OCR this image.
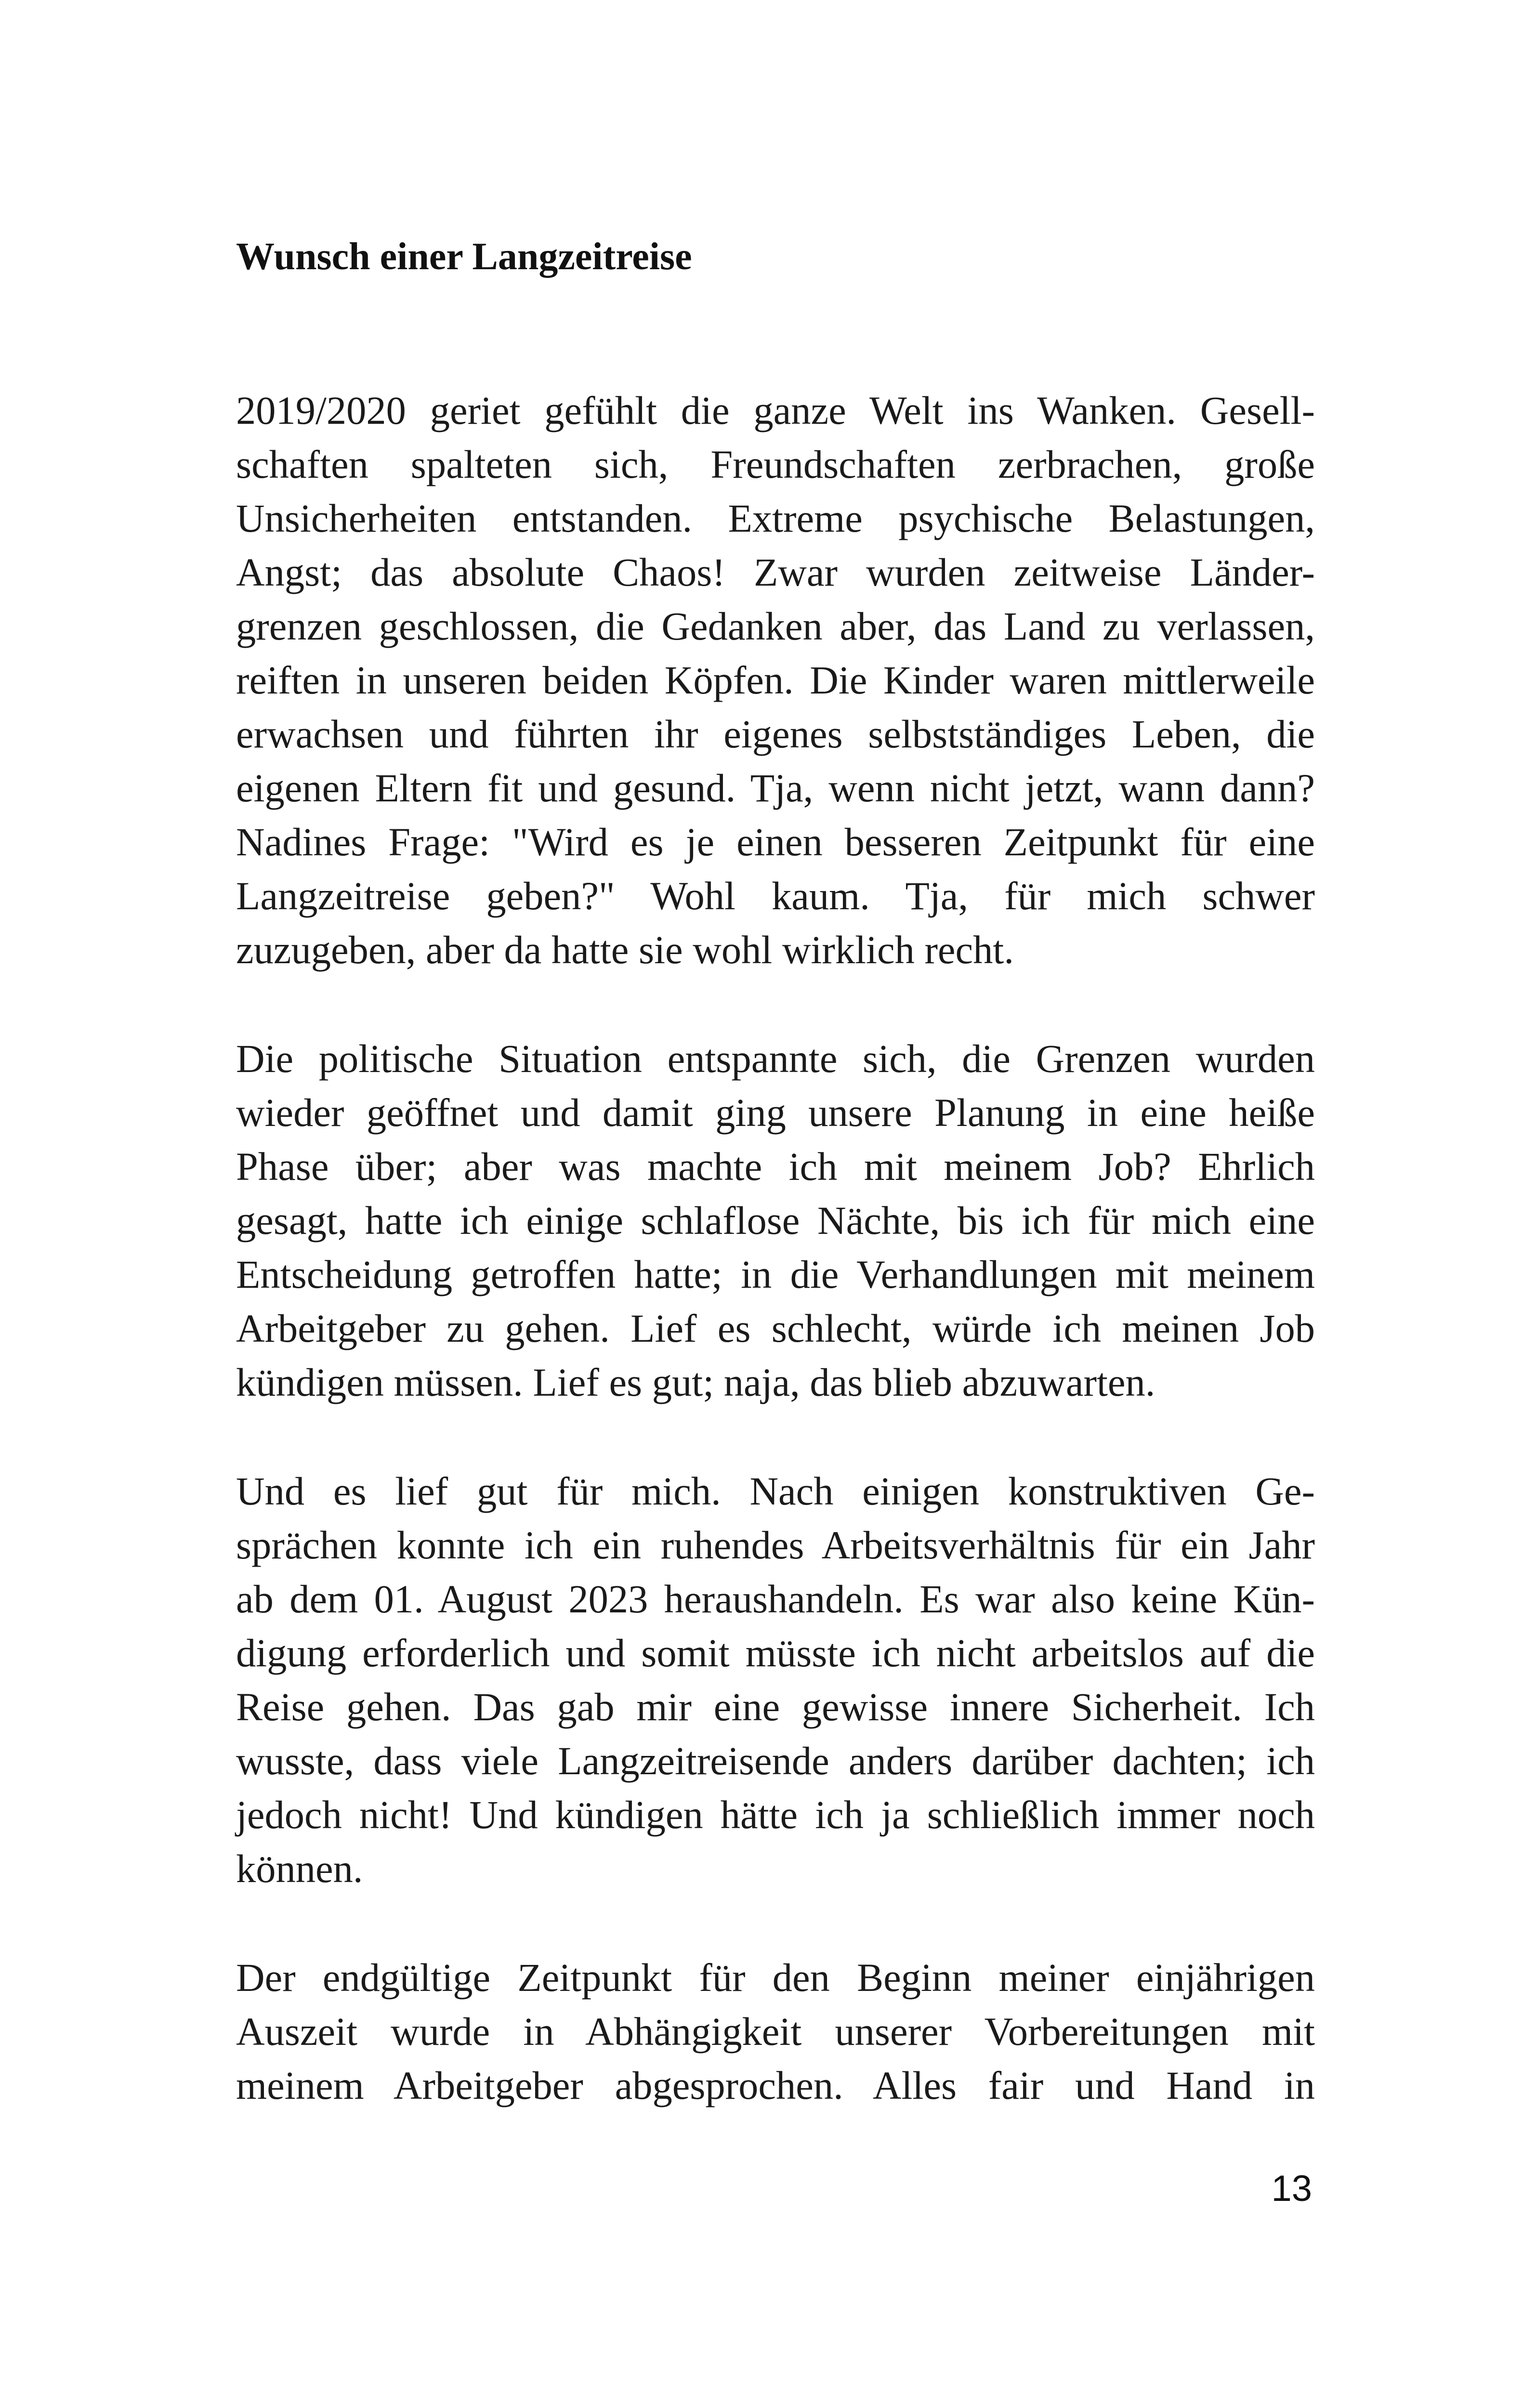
Wunsch einer Langzeitreise

2019/2020 geriet gefühlt die ganze Welt ins Wanken. Gesell-
schaften spalteten sich, Freundschaften zerbrachen, große
Unsicherheiten entstanden. Extreme psychische Belastungen,
Angst; das absolute Chaos! Zwar wurden zeitweise Länder-
grenzen geschlossen, die Gedanken aber, das Land zu verlassen,
reiften in unseren beiden Köpfen. Die Kinder waren mittlerweile
erwachsen und führten ihr eigenes selbstständiges Leben, die
eigenen Eltern fit und gesund. Tja, wenn nicht jetzt, wann dann?
Nadines Frage: "Wird es je einen besseren Zeitpunkt für eine
Langzeitreise geben?" Wohl kaum. Tja, für mich schwer
zuzugeben, aber da hatte sie wohl wirklich recht.

Die politische Situation entspannte sich, die Grenzen wurden
wieder geöffnet und damit ging unsere Planung in eine heiße
Phase über; aber was machte ich mit meinem Job? Ehrlich
gesagt, hatte ich einige schlaflose Nächte, bis ich für mich eine
Entscheidung getroffen hatte; in die Verhandlungen mit meinem
Arbeitgeber zu gehen. Lief es schlecht, würde ich meinen Job
kündigen müssen. Lief es gut; naja, das blieb abzuwarten.

Und es lief gut für mich. Nach einigen konstruktiven Ge-
sprächen konnte ich ein ruhendes Arbeitsverhältnis für ein Jahr
ab dem 01. August 2023 heraushandeln. Es war also keine Kün-
digung erforderlich und somit müsste ich nicht arbeitslos auf die
Reise gehen. Das gab mir eine gewisse innere Sicherheit. Ich
wusste, dass viele Langzeitreisende anders darüber dachten; ich
jedoch nicht! Und kündigen hätte ich ja schließlich immer noch
können.

Der endgültige Zeitpunkt für den Beginn meiner einjährigen
Auszeit wurde in Abhängigkeit unserer Vorbereitungen mit
meinem Arbeitgeber abgesprochen. Alles fair und Hand in

13
